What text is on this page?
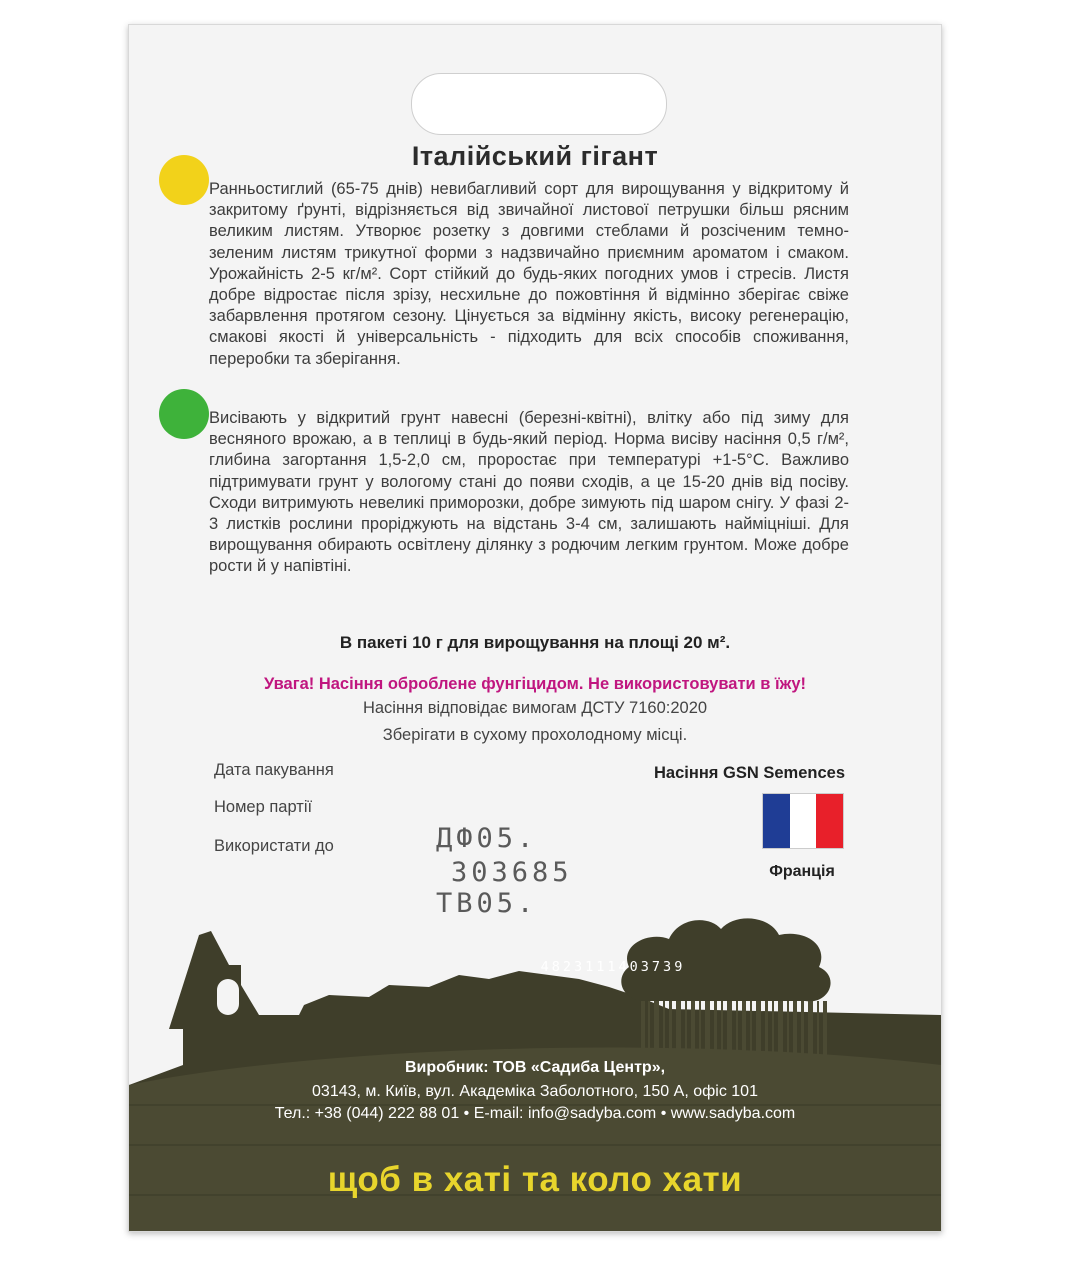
Італійський гігант
Ранньостиглий (65-75 днів) невибагливий сорт для вирощування у відкритому й закритому ґрунті, відрізняється від звичайної листової петрушки більш рясним великим листям. Утворює розетку з довгими стеблами й розсіченим темно-зеленим листям трикутної форми з надзвичайно приємним ароматом і смаком. Урожайність 2-5 кг/м². Сорт стійкий до будь-яких погодних умов і стресів. Листя добре відростає після зрізу, несхильне до пожовтіння й відмінно зберігає свіже забарвлення протягом сезону. Цінується за відмінну якість, високу регенерацію, смакові якості й універсальність - підходить для всіх способів споживання, переробки та зберігання.
Висівають у відкритий грунт навесні (березні-квітні), влітку або під зиму для весняного врожаю, а в теплиці в будь-який період. Норма висіву насіння 0,5 г/м², глибина загортання 1,5-2,0 см, проростає при температурі +1-5°С. Важливо підтримувати грунт у вологому стані до появи сходів, а це 15-20 днів від посіву. Сходи витримують невеликі приморозки, добре зимують під шаром снігу. У фазі 2-3 листків рослини проріджують на відстань 3-4 см, залишають найміцніші. Для вирощування обирають освітлену ділянку з родючим легким грунтом. Може добре рости й у напівтіні.
В пакеті 10 г для вирощування на площі 20 м².
Увага! Насіння оброблене фунгіцидом. Не використовувати в їжу!
Насіння відповідає вимогам ДСТУ 7160:2020
Зберігати в сухому прохолодному місці.
Дата пакування
Номер партії
Використати до	ДФ05.
303685
ТВ05.
Насіння GSN Semences
Франція
4823111403739
Виробник: ТОВ «Садиба Центр»,
03143, м. Київ, вул. Академіка Заболотного, 150 А, офіс 101
Тел.: +38 (044) 222 88 01 • E-mail: info@sadyba.com • www.sadyba.com
щоб в хаті та коло хати
